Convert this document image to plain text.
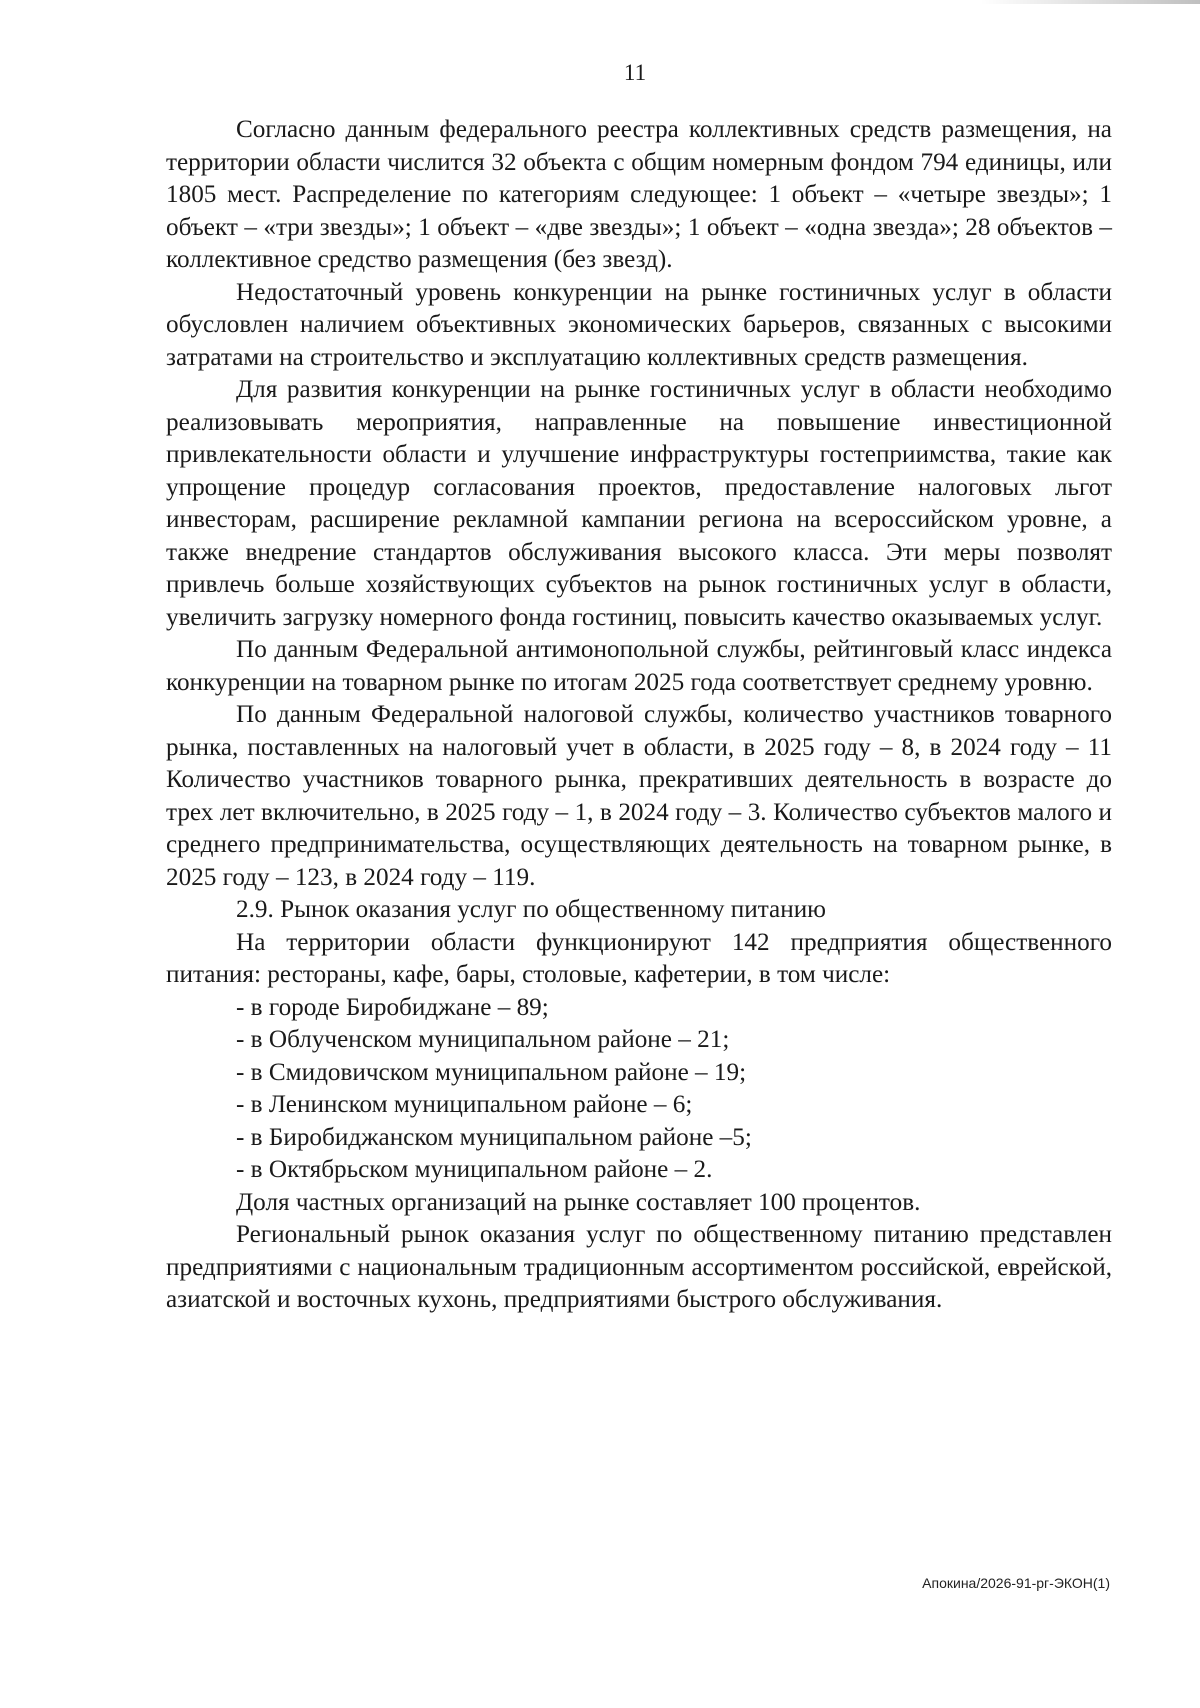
11

Согласно данным федерального реестра коллективных средств размещения, на территории области числится 32 объекта с общим номерным фондом 794 единицы, или 1805 мест. Распределение по категориям следующее: 1 объект – «четыре звезды»; 1 объект – «три звезды»; 1 объект – «две звезды»; 1 объект – «одна звезда»; 28 объектов – коллективное средство размещения (без звезд).

Недостаточный уровень конкуренции на рынке гостиничных услуг в области обусловлен наличием объективных экономических барьеров, связанных с высокими затратами на строительство и эксплуатацию коллективных средств размещения.

Для развития конкуренции на рынке гостиничных услуг в области необходимо реализовывать мероприятия, направленные на повышение инвестиционной привлекательности области и улучшение инфраструктуры гостеприимства, такие как упрощение процедур согласования проектов, предоставление налоговых льгот инвесторам, расширение рекламной кампании региона на всероссийском уровне, а также внедрение стандартов обслуживания высокого класса. Эти меры позволят привлечь больше хозяйствующих субъектов на рынок гостиничных услуг в области, увеличить загрузку номерного фонда гостиниц, повысить качество оказываемых услуг.

По данным Федеральной антимонопольной службы, рейтинговый класс индекса конкуренции на товарном рынке по итогам 2025 года соответствует среднему уровню.

По данным Федеральной налоговой службы, количество участников товарного рынка, поставленных на налоговый учет в области, в 2025 году – 8, в 2024 году – 11 Количество участников товарного рынка, прекративших деятельность в возрасте до трех лет включительно, в 2025 году – 1, в 2024 году – 3. Количество субъектов малого и среднего предпринимательства, осуществляющих деятельность на товарном рынке, в 2025 году – 123, в 2024 году – 119.

2.9. Рынок оказания услуг по общественному питанию

На территории области функционируют 142 предприятия общественного питания: рестораны, кафе, бары, столовые, кафетерии, в том числе:

- в городе Биробиджане – 89;
- в Облученском муниципальном районе – 21;
- в Смидовичском муниципальном районе – 19;
- в Ленинском муниципальном районе – 6;
- в Биробиджанском муниципальном районе –5;
- в Октябрьском муниципальном районе – 2.

Доля частных организаций на рынке составляет 100 процентов.

Региональный рынок оказания услуг по общественному питанию представлен предприятиями с национальным традиционным ассортиментом российской, еврейской, азиатской и восточных кухонь, предприятиями быстрого обслуживания.

Апокина/2026-91-рг-ЭКОН(1)
